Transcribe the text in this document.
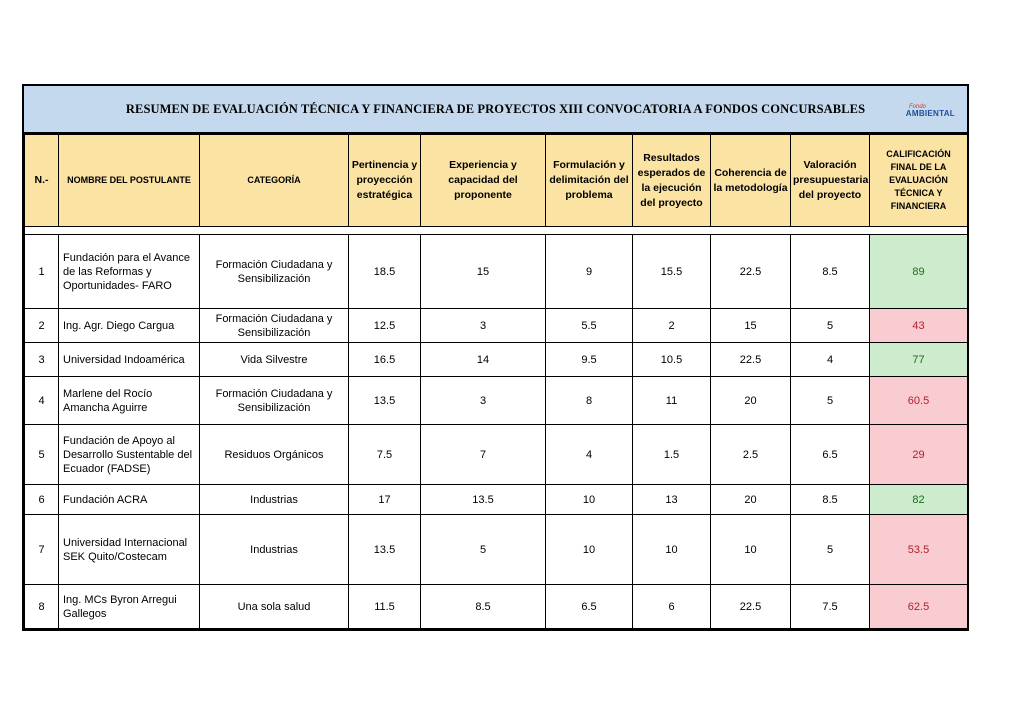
RESUMEN DE EVALUACIÓN TÉCNICA Y FINANCIERA DE PROYECTOS XIII CONVOCATORIA A FONDOS CONCURSABLES	Fondo
AMBIENTAL
N.-	NOMBRE DEL POSTULANTE	CATEGORÍA	Pertinencia y proyección estratégica	Experiencia y capacidad del proponente	Formulación y delimitación del problema	Resultados esperados de la ejecución del proyecto	Coherencia de la metodología	Valoración presupuestaria del proyecto	CALIFICACIÓN FINAL DE LA EVALUACIÓN TÉCNICA Y FINANCIERA

1	Fundación para el Avance de las Reformas y Oportunidades- FARO	Formación Ciudadana y Sensibilización	18.5	15	9	15.5	22.5	8.5	89
2	Ing. Agr. Diego Cargua	Formación Ciudadana y Sensibilización	12.5	3	5.5	2	15	5	43
3	Universidad Indoamérica	Vida Silvestre	16.5	14	9.5	10.5	22.5	4	77
4	Marlene del Rocío Amancha Aguirre	Formación Ciudadana y Sensibilización	13.5	3	8	11	20	5	60.5
5	Fundación de Apoyo al Desarrollo Sustentable del Ecuador (FADSE)	Residuos Orgánicos	7.5	7	4	1.5	2.5	6.5	29
6	Fundación ACRA	Industrias	17	13.5	10	13	20	8.5	82
7	Universidad Internacional SEK Quito/Costecam	Industrias	13.5	5	10	10	10	5	53.5
8	Ing. MCs Byron Arregui Gallegos	Una sola salud	11.5	8.5	6.5	6	22.5	7.5	62.5
